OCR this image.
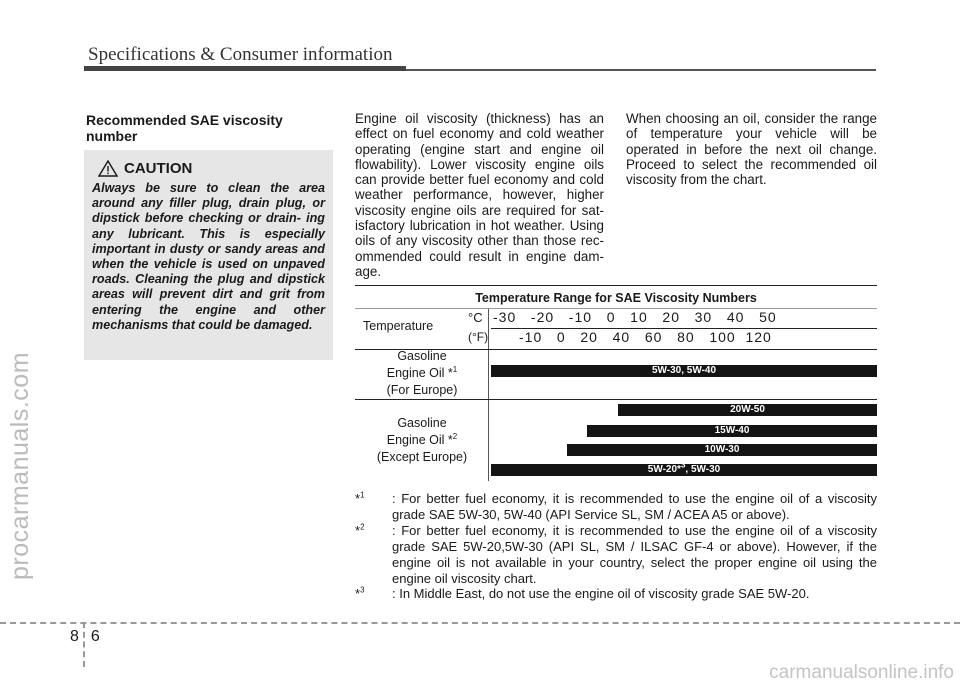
Specifications & Consumer information
procarmanuals.com
Recommended SAE viscosity number
CAUTION
Always be sure to clean the area around any filler plug, drain plug, or dipstick before checking or drain- ing any lubricant. This is especially important in dusty or sandy areas and when the vehicle is used on unpaved roads. Cleaning the plug and dipstick areas will prevent dirt and grit from entering the engine and other mechanisms that could be damaged.
Engine oil viscosity (thickness) has an effect on fuel economy and cold weather operating (engine start and engine oil flowability). Lower viscosity engine oils can provide better fuel economy and cold weather performance, however, higher viscosity engine oils are required for sat- isfactory lubrication in hot weather. Using oils of any viscosity other than those rec- ommended could result in engine dam- age.
When choosing an oil, consider the range of temperature your vehicle will be operated in before the next oil change. Proceed to select the recommended oil viscosity from the chart.
Temperature Range for SAE Viscosity Numbers
Temperature
°C
(°F)
-30   -20   -10   0   10   20   30   40   50
-10   0   20   40   60   80   100  120
Gasoline
Engine Oil *$^1$
(For Europe)
5W-30, 5W-40
Gasoline
Engine Oil *$^2$
(Except Europe)
20W-50
15W-40
10W-30
5W-20*$^3$, 5W-30
*$^1$ : For better fuel economy, it is recommended to use the engine oil of a viscosity grade SAE 5W-30, 5W-40 (API Service SL, SM / ACEA A5 or above).
*$^2$ : For better fuel economy, it is recommended to use the engine oil of a viscosity grade SAE 5W-20,5W-30 (API SL, SM / ILSAC GF-4 or above). However, if the engine oil is not available in your country, select the proper engine oil using the engine oil viscosity chart.
*$^3$ : In Middle East, do not use the engine oil of viscosity grade SAE 5W-20.
86
carmanualsonline.info
